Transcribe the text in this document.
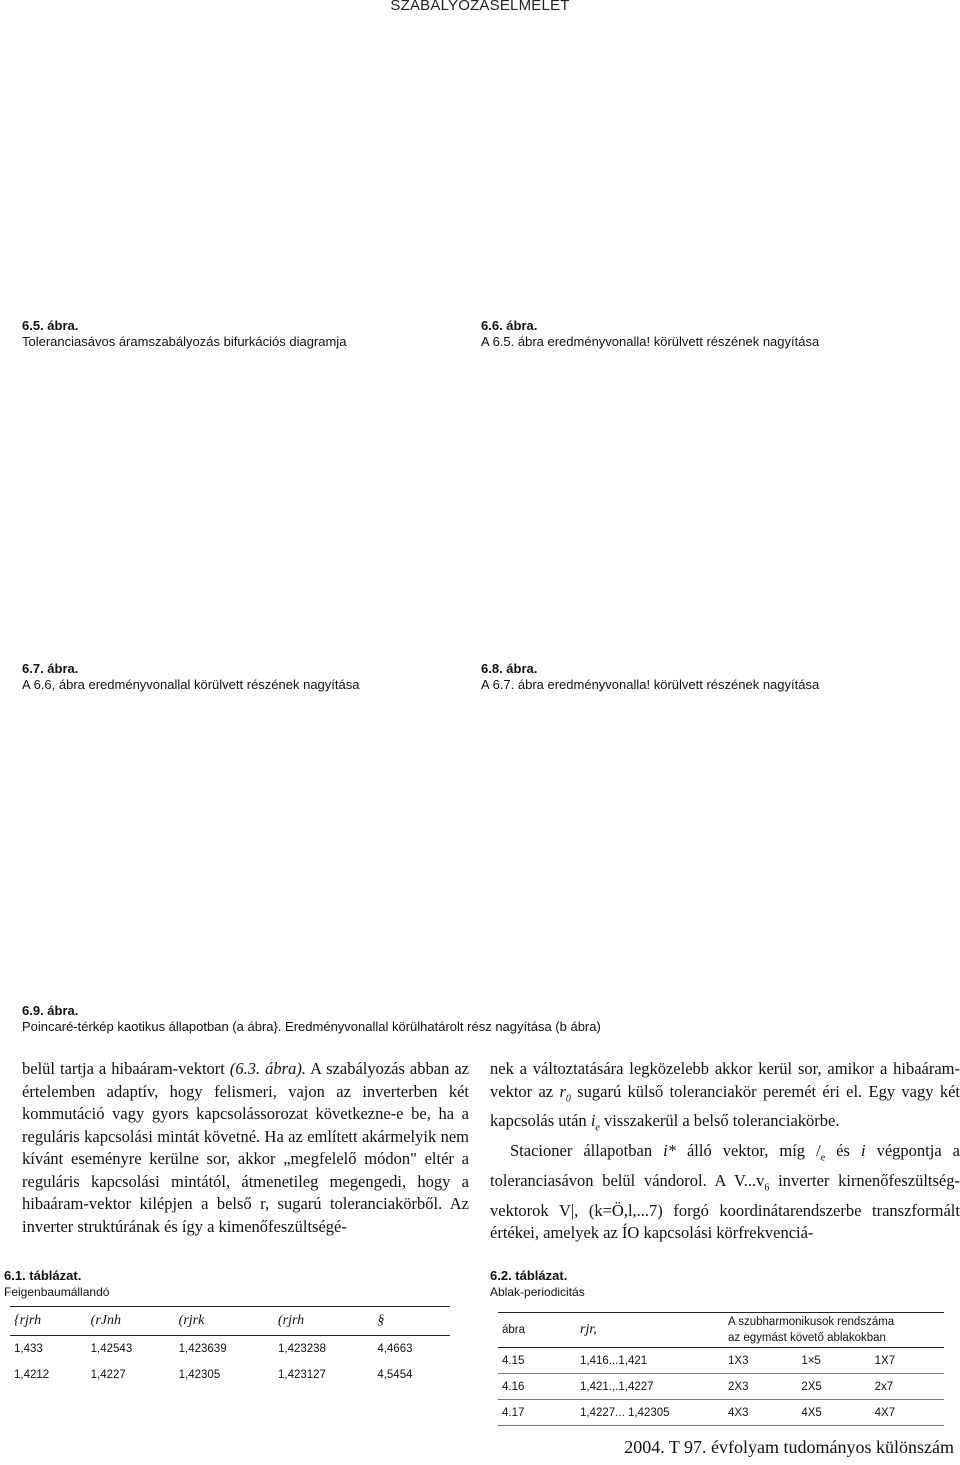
SZABALYOZASELMELET
6.5. ábra.
Toleranciasávos áramszabályozás bifurkációs diagramja
6.6. ábra.
A 6.5. ábra eredményvonalla! körülvett részének nagyítása
6.7. ábra.
A 6.6, ábra eredményvonallal körülvett részének nagyítása
6.8. ábra.
A 6.7. ábra eredményvonalla! körülvett részének nagyítása
6.9. ábra.
Poincaré-térkép kaotikus állapotban (a ábra}. Eredményvonallal körülhatárolt rész nagyítása (b ábra)

belül tartja a hibaáram-vektort (6.3. ábra). A szabályozás abban az értelemben adaptív, hogy felismeri, vajon az inverterben két kommutáció vagy gyors kapcsolássorozat következne-e be, ha a reguláris kapcsolási mintát követné. Ha az említett akármelyik nem kívánt eseményre kerülne sor, akkor „megfelelő módon" eltér a reguláris kapcsolási mintától, átmenetileg megengedi, hogy a hibaáram-vektor kilépjen a belső r, sugarú toleranciakörből. Az inverter struktúrának és így a kimenőfeszültségé-

nek a változtatására legközelebb akkor kerül sor, amikor a hibaáram-vektor az $r_0$ sugarú külső toleranciakör peremét éri el. Egy vagy két kapcsolás után $i_e$ visszakerül a belső toleranciakörbe.

Stacioner állapotban i* álló vektor, míg $/_e$ és i végpontja a toleranciasávon belül vándorol. A $V...v_6$ inverter kirnenőfeszültség-vektorok V|, (k=Ö,l,...7) forgó koordinátarendszerbe transzformált értékei, amelyek az ÍO kapcsolási körfrekvenciá-

6.1. táblázat.
Feigenbaumállandó
{rjrh	(rJnh	(rjrk	(rjrh	§
1,433	1,42543	1,423639	1,423238	4,4663
1,4212	1,4227	1,42305	1,423127	4,5454
6.2. táblázat.
Ablak-periodicitás
ábra	rjr,	A szubharmonikusok rendszáma
az egymást követő ablakokban		

4.15	1,416...1,421	1X3	1×5	1X7
4.16	1,421.,.1,4227	2X3	2X5	2x7
4.17	1,4227... 1,42305	4X3	4X5	4X7
2004. T 97. évfolyam tudományos különszám
